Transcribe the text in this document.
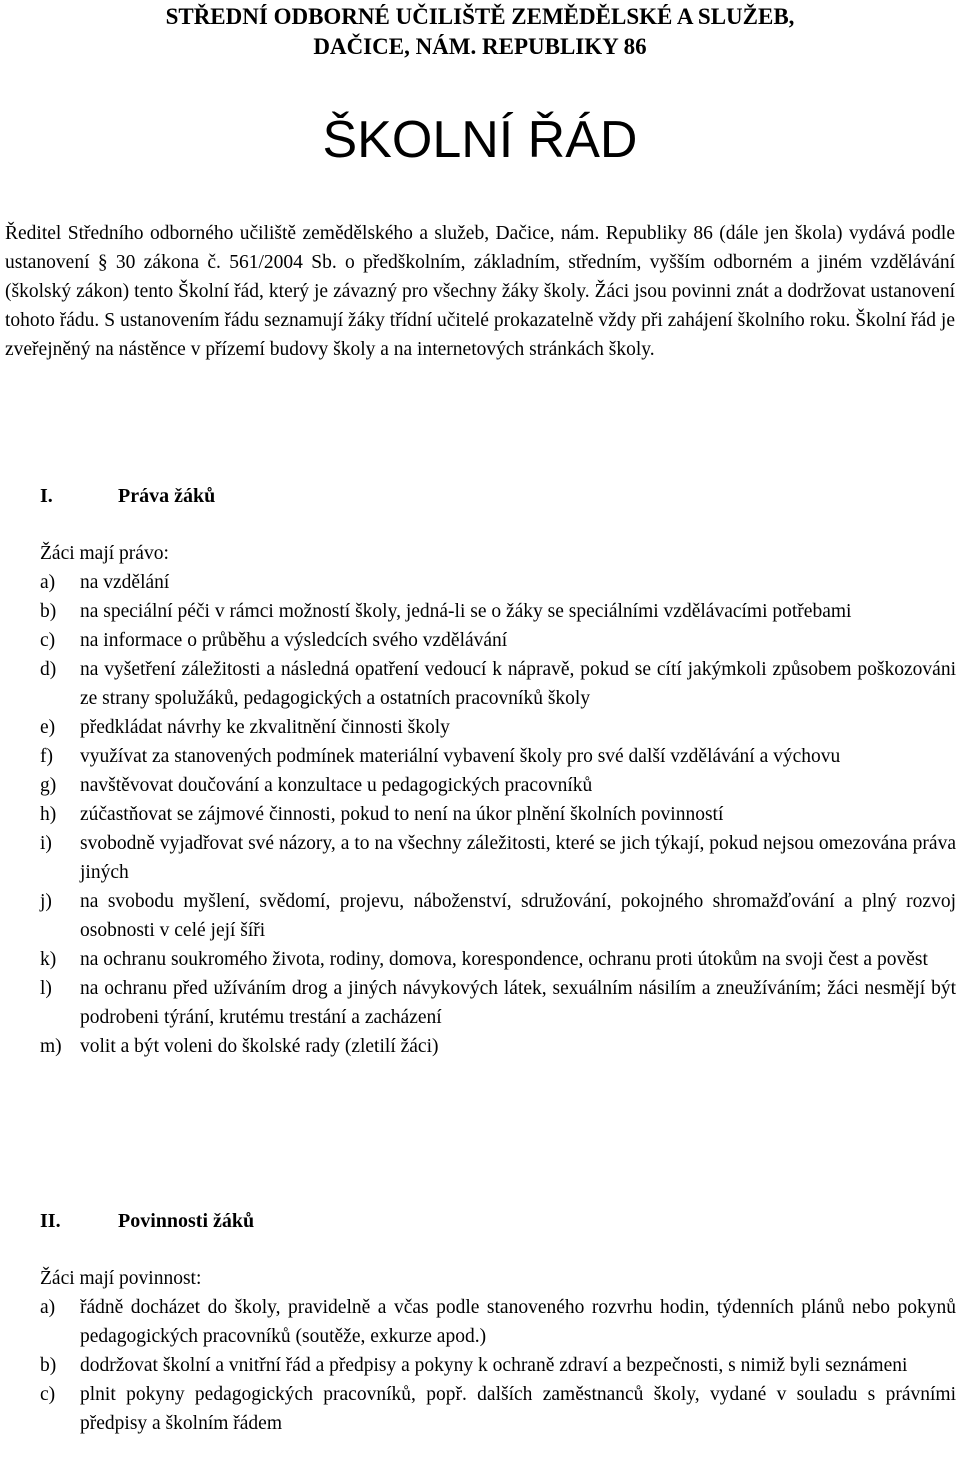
STŘEDNÍ ODBORNÉ UČILIŠTĚ ZEMĚDĚLSKÉ A SLUŽEB,
DAČICE, NÁM. REPUBLIKY 86
ŠKOLNÍ ŘÁD
Ředitel Středního odborného učiliště zemědělského a služeb, Dačice, nám. Republiky 86 (dále jen škola) vydává podle ustanovení § 30 zákona č. 561/2004 Sb. o předškolním, základním, středním, vyšším odborném a jiném vzdělávání (školský zákon) tento Školní řád, který je závazný pro všechny žáky školy. Žáci jsou povinni znát a dodržovat ustanovení tohoto řádu. S ustanovením řádu seznamují žáky třídní učitelé prokazatelně vždy při zahájení školního roku. Školní řád je zveřejněný na nástěnce v přízemí budovy školy a na internetových stránkách školy.
I.	Práva žáků
Žáci mají právo:
a) na vzdělání
b) na speciální péči v rámci možností školy, jedná-li se o žáky se speciálními vzdělávacími potřebami
c) na informace o průběhu a výsledcích svého vzdělávání
d) na vyšetření záležitosti a následná opatření vedoucí k nápravě, pokud se cítí jakýmkoli způsobem poškozováni ze strany spolužáků, pedagogických a ostatních pracovníků školy
e) předkládat návrhy ke zkvalitnění činnosti školy
f) využívat za stanovených podmínek materiální vybavení školy pro své další vzdělávání a výchovu
g) navštěvovat doučování a konzultace u pedagogických pracovníků
h) zúčastňovat se zájmové činnosti, pokud to není na úkor plnění školních povinností
i) svobodně vyjadřovat své názory, a to na všechny záležitosti, které se jich týkají, pokud nejsou omezována práva jiných
j) na svobodu myšlení, svědomí, projevu, náboženství, sdružování, pokojného shromažďování a plný rozvoj osobnosti v celé její šíři
k) na ochranu soukromého života, rodiny, domova, korespondence, ochranu proti útokům na svoji čest a pověst
l) na ochranu před užíváním drog a jiných návykových látek, sexuálním násilím a zneužíváním; žáci nesmějí být podrobeni týrání, krutému trestání a zacházení
m) volit a být voleni do školské rady (zletilí žáci)
II.	Povinnosti žáků
Žáci mají povinnost:
a) řádně docházet do školy, pravidelně a včas podle stanoveného rozvrhu hodin, týdenních plánů nebo pokynů pedagogických pracovníků (soutěže, exkurze apod.)
b) dodržovat školní a vnitřní řád a předpisy a pokyny k ochraně zdraví a bezpečnosti, s nimiž byli seznámeni
c) plnit pokyny pedagogických pracovníků, popř. dalších zaměstnanců školy, vydané v souladu s právními předpisy a školním řádem
